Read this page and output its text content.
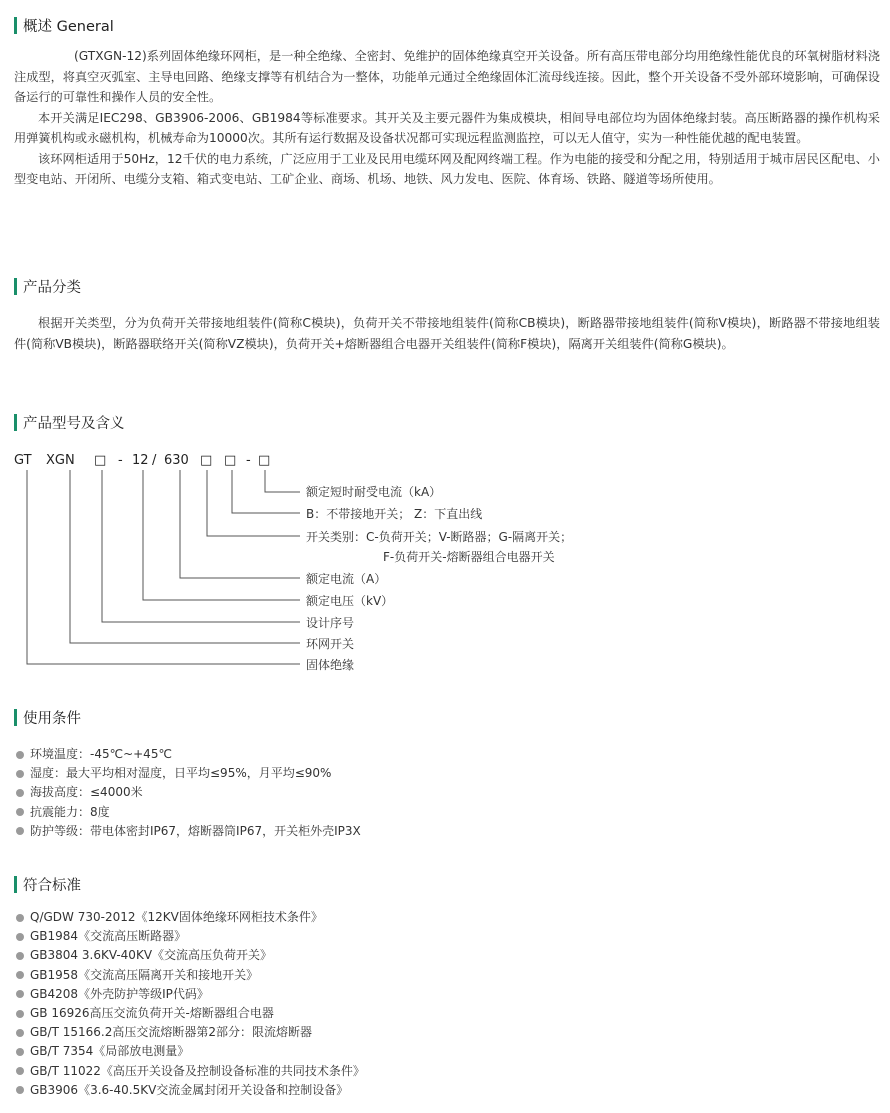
概述 General

(GTXGN-12)系列固体绝缘环网柜，是一种全绝缘、全密封、免维护的固体绝缘真空开关设备。所有高压带电部分均用绝缘性能优良的环氧树脂材料浇注成型，将真空灭弧室、主导电回路、绝缘支撑等有机结合为一整体，功能单元通过全绝缘固体汇流母线连接。因此，整个开关设备不受外部环境影响，可确保设备运行的可靠性和操作人员的安全性。

本开关满足IEC298、GB3906-2006、GB1984等标准要求。其开关及主要元器件为集成模块，相间导电部位均为固体绝缘封装。高压断路器的操作机构采用弹簧机构或永磁机构，机械寿命为10000次。其所有运行数据及设备状况都可实现远程监测监控，可以无人值守，实为一种性能优越的配电装置。

该环网柜适用于50Hz，12千伏的电力系统，广泛应用于工业及民用电缆环网及配网终端工程。作为电能的接受和分配之用，特别适用于城市居民区配电、小型变电站、开闭所、电缆分支箱、箱式变电站、工矿企业、商场、机场、地铁、风力发电、医院、体育场、铁路、隧道等场所使用。

产品分类

根据开关类型，分为负荷开关带接地组装件(简称C模块)，负荷开关不带接地组装件(简称CB模块)，断路器带接地组装件(简称V模块)，断路器不带接地组装件(简称VB模块)，断路器联络开关(简称VZ模块)，负荷开关+熔断器组合电器开关组装件(简称F模块)，隔离开关组装件(简称G模块)。

产品型号及含义
GT XGN □ - 12 / 630 □ □ - □
额定短时耐受电流（kA）
B：不带接地开关； Z：下直出线
开关类别：C-负荷开关；V-断路器；G-隔离开关；
F-负荷开关-熔断器组合电器开关
额定电流（A）
额定电压（kV）
设计序号
环网开关
固体绝缘
使用条件
环境温度：-45℃~+45℃
湿度：最大平均相对湿度，日平均≤95%，月平均≤90%
海拔高度：≤4000米
抗震能力：8度
防护等级：带电体密封IP67，熔断器筒IP67，开关柜外壳IP3X
符合标准
Q/GDW 730-2012《12KV固体绝缘环网柜技术条件》
GB1984《交流高压断路器》
GB3804 3.6KV-40KV《交流高压负荷开关》
GB1958《交流高压隔离开关和接地开关》
GB4208《外壳防护等级IP代码》
GB 16926高压交流负荷开关-熔断器组合电器
GB/T 15166.2高压交流熔断器第2部分：限流熔断器
GB/T 7354《局部放电测量》
GB/T 11022《高压开关设备及控制设备标准的共同技术条件》
GB3906《3.6-40.5KV交流金属封闭开关设备和控制设备》
